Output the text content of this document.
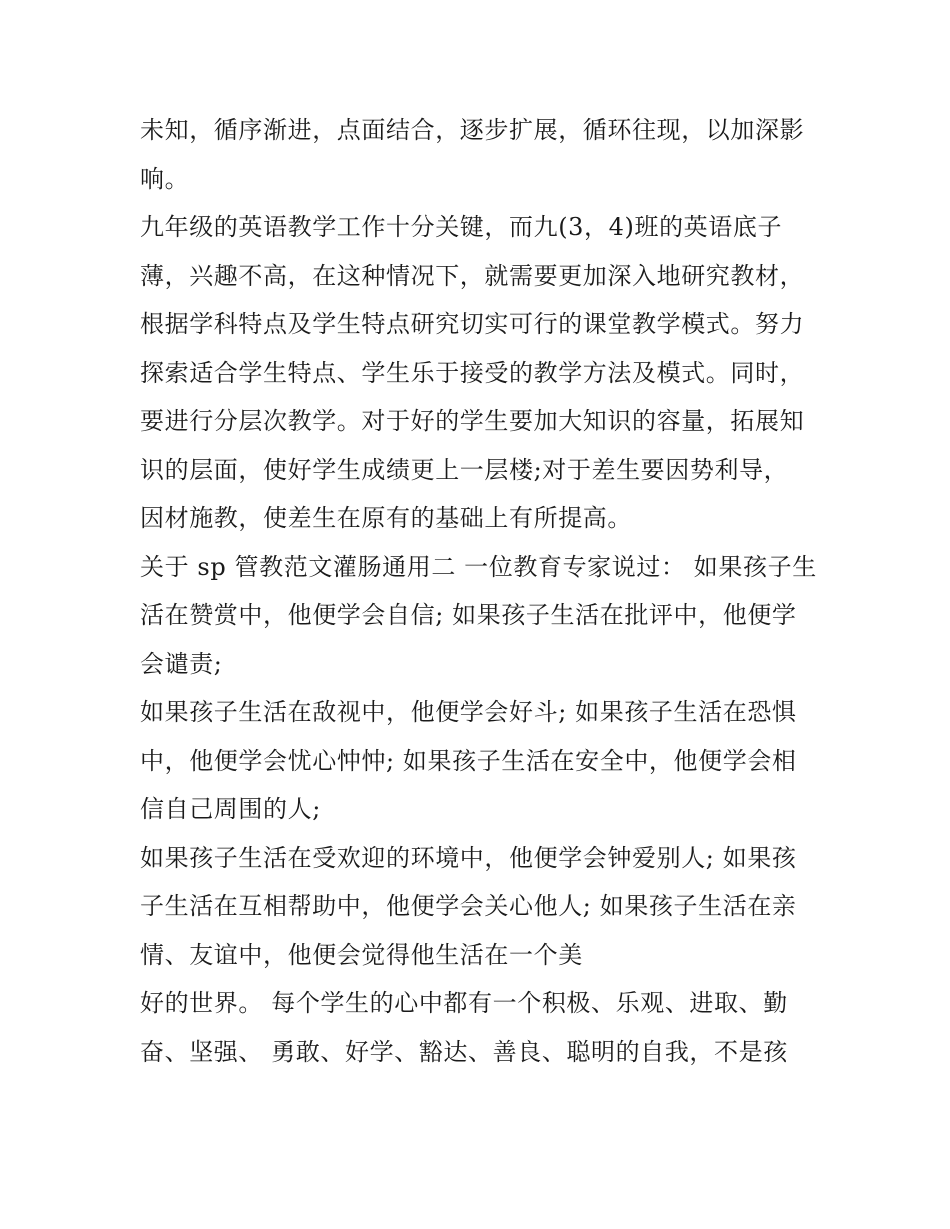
未知，循序渐进，点面结合，逐步扩展，循环往现，以加深影
响。
九年级的英语教学工作十分关键，而九(3，4)班的英语底子
薄，兴趣不高，在这种情况下，就需要更加深入地研究教材，
根据学科特点及学生特点研究切实可行的课堂教学模式。努力
探索适合学生特点、学生乐于接受的教学方法及模式。同时，
要进行分层次教学。对于好的学生要加大知识的容量，拓展知
识的层面，使好学生成绩更上一层楼;对于差生要因势利导，
因材施教，使差生在原有的基础上有所提高。
关于 sp 管教范文灌肠通用二 一位教育专家说过： 如果孩子生
活在赞赏中，他便学会自信; 如果孩子生活在批评中，他便学
会谴责;
如果孩子生活在敌视中，他便学会好斗; 如果孩子生活在恐惧
中，他便学会忧心忡忡; 如果孩子生活在安全中，他便学会相
信自己周围的人;
如果孩子生活在受欢迎的环境中，他便学会钟爱别人; 如果孩
子生活在互相帮助中，他便学会关心他人; 如果孩子生活在亲
情、友谊中，他便会觉得他生活在一个美
好的世界。 每个学生的心中都有一个积极、乐观、进取、勤
奋、坚强、 勇敢、好学、豁达、善良、聪明的自我，不是孩
